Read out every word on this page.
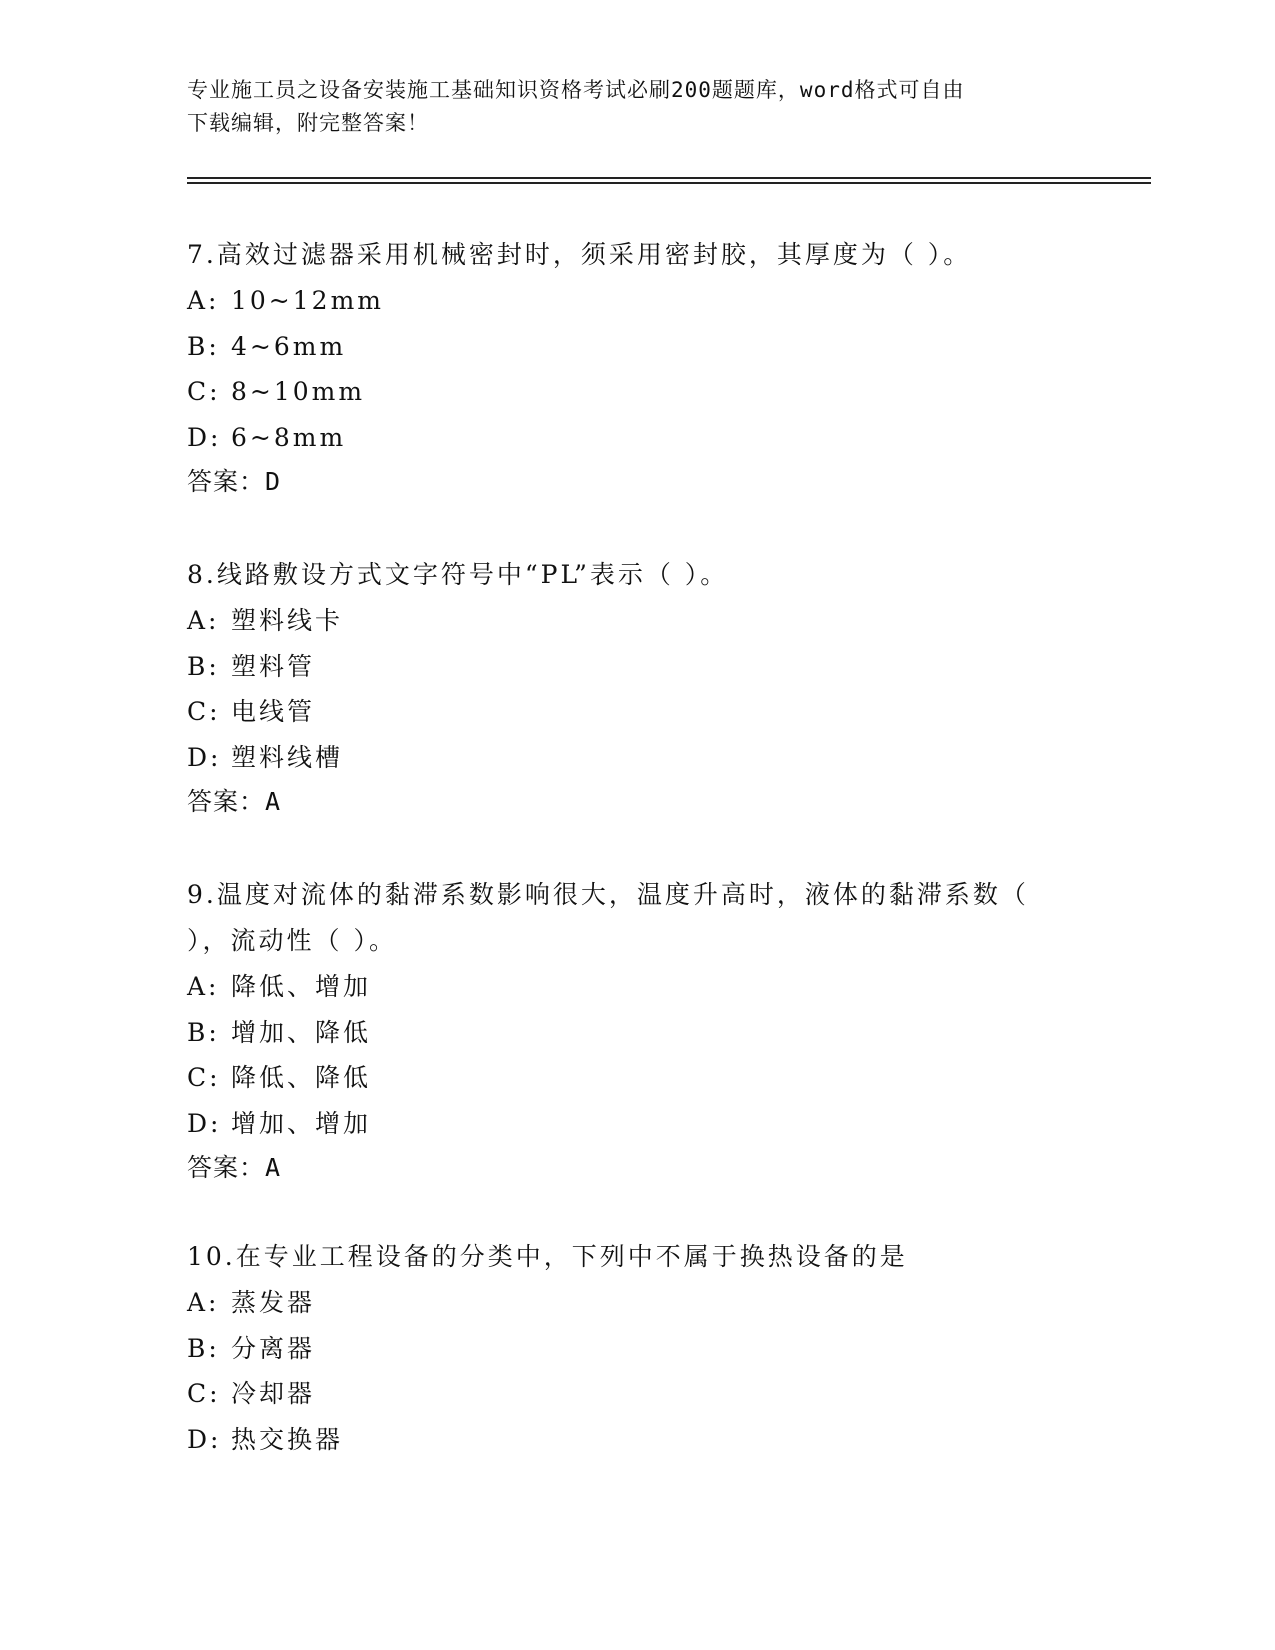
专业施工员之设备安装施工基础知识资格考试必刷200题题库，word格式可自由
下载编辑，附完整答案！
7.高效过滤器采用机械密封时，须采用密封胶，其厚度为（ ）。
A: 10~12mm
B: 4~6mm
C: 8~10mm
D: 6~8mm
答案：D
8.线路敷设方式文字符号中“PL”表示（ ）。
A: 塑料线卡
B: 塑料管
C: 电线管
D: 塑料线槽
答案：A
9.温度对流体的黏滞系数影响很大，温度升高时，液体的黏滞系数（
），流动性（ ）。
A: 降低、增加
B: 增加、降低
C: 降低、降低
D: 增加、增加
答案：A
10.在专业工程设备的分类中，下列中不属于换热设备的是
A: 蒸发器
B: 分离器
C: 冷却器
D: 热交换器
